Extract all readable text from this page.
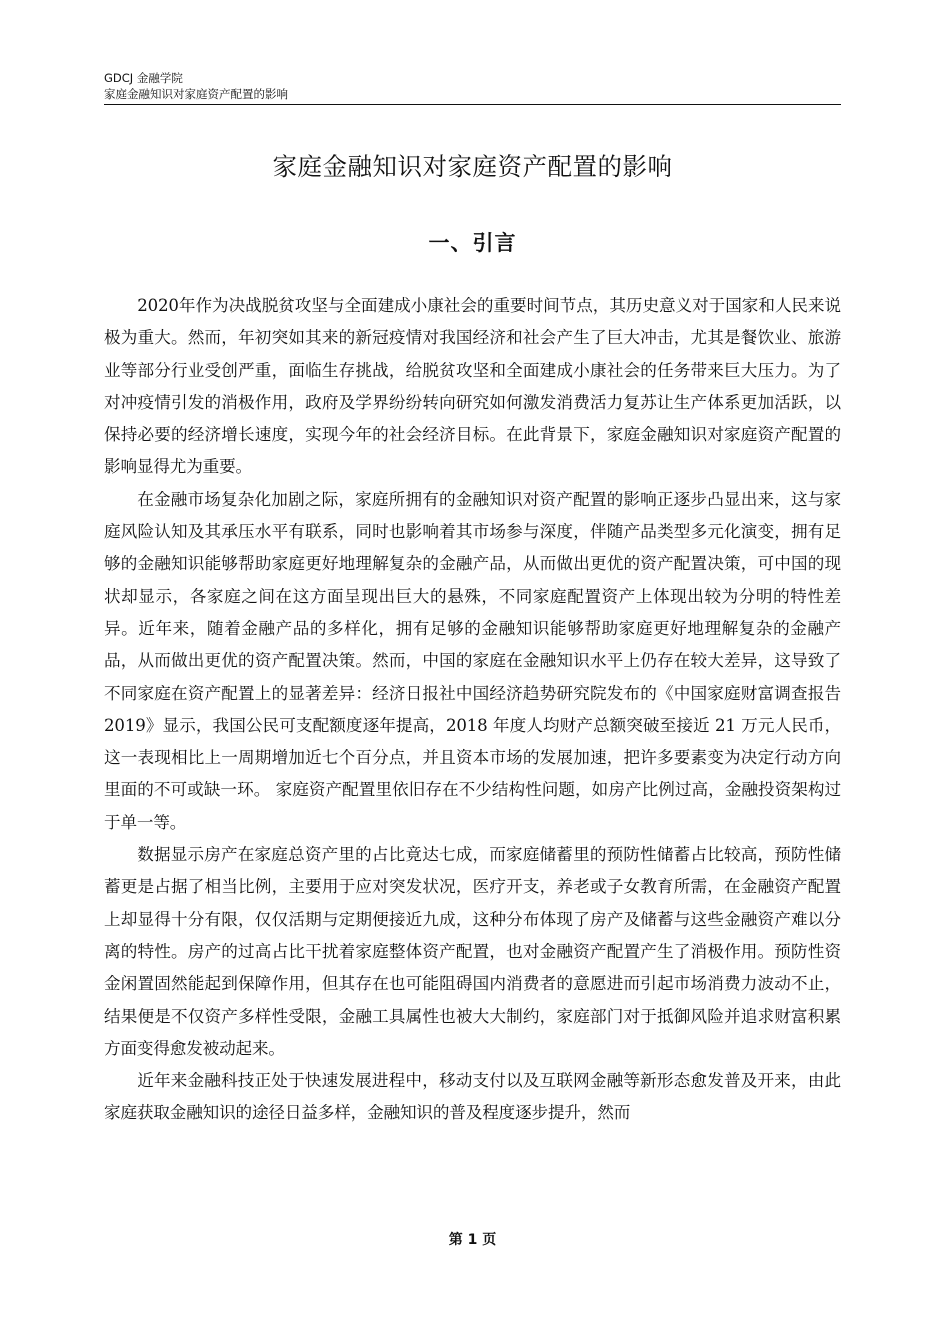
GDCJ 金融学院
家庭金融知识对家庭资产配置的影响
家庭金融知识对家庭资产配置的影响
一、引言

2020年作为决战脱贫攻坚与全面建成小康社会的重要时间节点，其历史意义对于国家和人民来说极为重大。然而，年初突如其来的新冠疫情对我国经济和社会产生了巨大冲击，尤其是餐饮业、旅游业等部分行业受创严重，面临生存挑战，给脱贫攻坚和全面建成小康社会的任务带来巨大压力。为了对冲疫情引发的消极作用，政府及学界纷纷转向研究如何激发消费活力复苏让生产体系更加活跃，以保持必要的经济增长速度，实现今年的社会经济目标。在此背景下，家庭金融知识对家庭资产配置的影响显得尤为重要。

在金融市场复杂化加剧之际，家庭所拥有的金融知识对资产配置的影响正逐步凸显出来，这与家庭风险认知及其承压水平有联系，同时也影响着其市场参与深度，伴随产品类型多元化演变，拥有足够的金融知识能够帮助家庭更好地理解复杂的金融产品，从而做出更优的资产配置决策，可中国的现状却显示，各家庭之间在这方面呈现出巨大的悬殊，不同家庭配置资产上体现出较为分明的特性差异。近年来，随着金融产品的多样化，拥有足够的金融知识能够帮助家庭更好地理解复杂的金融产品，从而做出更优的资产配置决策。然而，中国的家庭在金融知识水平上仍存在较大差异，这导致了不同家庭在资产配置上的显著差异：经济日报社中国经济趋势研究院发布的《中国家庭财富调查报告 2019》显示，我国公民可支配额度逐年提高，2018 年度人均财产总额突破至接近 21 万元人民币，这一表现相比上一周期增加近七个百分点，并且资本市场的发展加速，把许多要素变为决定行动方向里面的不可或缺一环。 家庭资产配置里依旧存在不少结构性问题，如房产比例过高，金融投资架构过于单一等。

数据显示房产在家庭总资产里的占比竟达七成，而家庭储蓄里的预防性储蓄占比较高，预防性储蓄更是占据了相当比例，主要用于应对突发状况，医疗开支，养老或子女教育所需，在金融资产配置上却显得十分有限，仅仅活期与定期便接近九成，这种分布体现了房产及储蓄与这些金融资产难以分离的特性。房产的过高占比干扰着家庭整体资产配置，也对金融资产配置产生了消极作用。预防性资金闲置固然能起到保障作用，但其存在也可能阻碍国内消费者的意愿进而引起市场消费力波动不止，结果便是不仅资产多样性受限，金融工具属性也被大大制约，家庭部门对于抵御风险并追求财富积累方面变得愈发被动起来。

近年来金融科技正处于快速发展进程中，移动支付以及互联网金融等新形态愈发普及开来，由此家庭获取金融知识的途径日益多样，金融知识的普及程度逐步提升，然而

第 1 页
